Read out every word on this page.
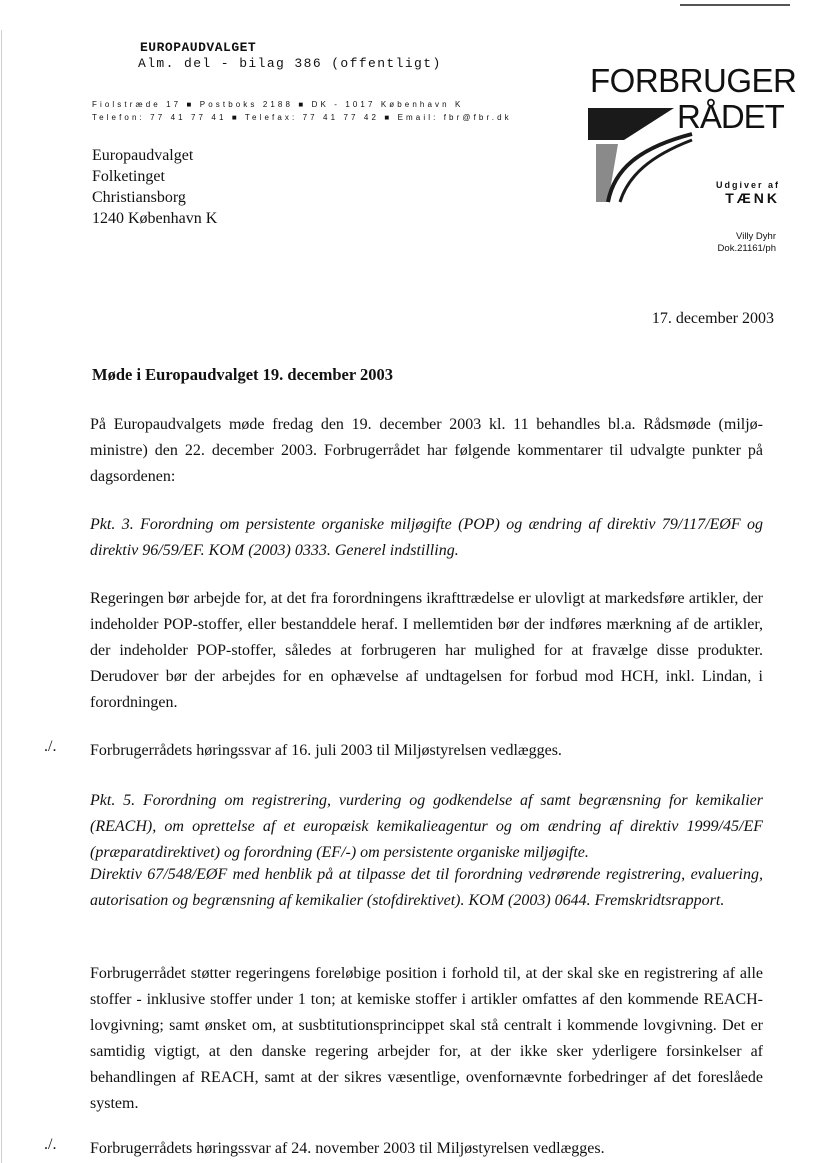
EUROPAUDVALGET
Alm. del - bilag 386 (offentligt)
Fiolstræde 17 ■ Postboks 2188 ■ DK - 1017 København K
Telefon: 77 41 77 41 ■ Telefax: 77 41 77 42 ■ Email: fbr@fbr.dk
Europaudvalget
Folketinget
Christiansborg
1240 København K
FORBRUGER
RÅDET
Udgiver af
TÆNK
Villy Dyhr
Dok.21161/ph
17. december 2003
Møde i Europaudvalget 19. december 2003
På Europaudvalgets møde fredag den 19. december 2003 kl. 11 behandles bl.a. Rådsmøde (miljøministre) den 22. december 2003. Forbrugerrådet har følgende kommentarer til udvalgte punkter på dagsordenen:
Pkt. 3. Forordning om persistente organiske miljøgifte (POP) og ændring af direktiv 79/117/EØF og direktiv 96/59/EF. KOM (2003) 0333. Generel indstilling.
Regeringen bør arbejde for, at det fra forordningens ikrafttrædelse er ulovligt at markedsføre artikler, der indeholder POP-stoffer, eller bestanddele heraf. I mellemtiden bør der indføres mærkning af de artikler, der indeholder POP-stoffer, således at forbrugeren har mulighed for at fravælge disse produkter. Derudover bør der arbejdes for en ophævelse af undtagelsen for forbud mod HCH, inkl. Lindan, i forordningen.
./. Forbrugerrådets høringssvar af 16. juli 2003 til Miljøstyrelsen vedlægges.
Pkt. 5. Forordning om registrering, vurdering og godkendelse af samt begrænsning for kemikalier (REACH), om oprettelse af et europæisk kemikalieagentur og om ændring af direktiv 1999/45/EF (præparatdirektivet) og forordning (EF/-) om persistente organiske miljøgifte.
Direktiv 67/548/EØF med henblik på at tilpasse det til forordning vedrørende registrering, evaluering, autorisation og begrænsning af kemikalier (stofdirektivet). KOM (2003) 0644. Fremskridtsrapport.
Forbrugerrådet støtter regeringens foreløbige position i forhold til, at der skal ske en registrering af alle stoffer - inklusive stoffer under 1 ton; at kemiske stoffer i artikler omfattes af den kommende REACH-lovgivning; samt ønsket om, at susbtitutionsprincippet skal stå centralt i kommende lovgivning. Det er samtidig vigtigt, at den danske regering arbejder for, at der ikke sker yderligere forsinkelser af behandlingen af REACH, samt at der sikres væsentlige, ovenfornævnte forbedringer af det foreslåede system.
./. Forbrugerrådets høringssvar af 24. november 2003 til Miljøstyrelsen vedlægges.
